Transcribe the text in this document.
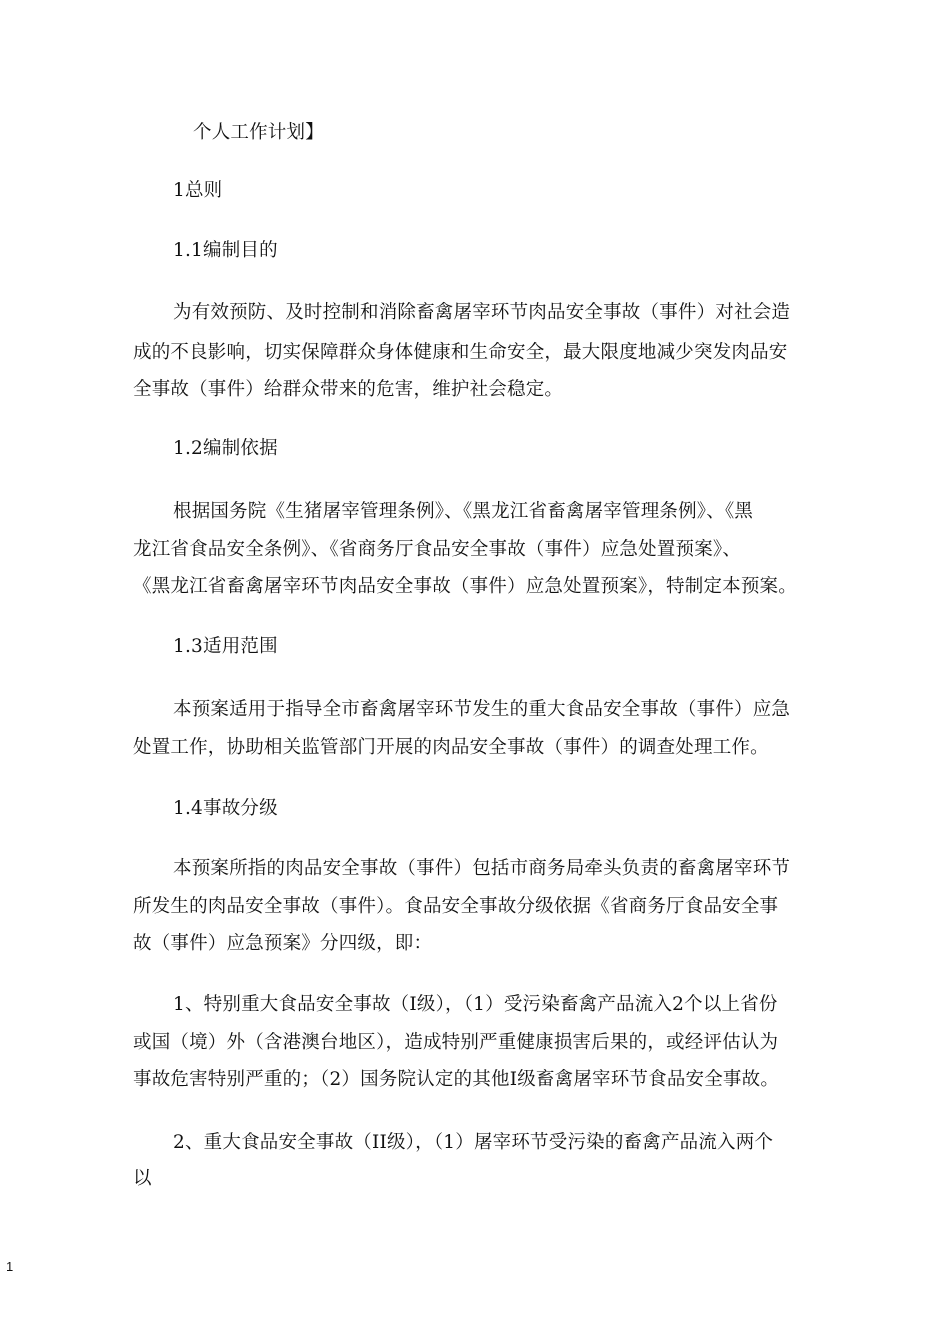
个人工作计划】
1总则
1.1编制目的
为有效预防、及时控制和消除畜禽屠宰环节肉品安全事故（事件）对社会造
成的不良影响，切实保障群众身体健康和生命安全，最大限度地减少突发肉品安
全事故（事件）给群众带来的危害，维护社会稳定。
1.2编制依据
根据国务院《生猪屠宰管理条例》、《黑龙江省畜禽屠宰管理条例》、《黑
龙江省食品安全条例》、《省商务厅食品安全事故（事件）应急处置预案》、
《黑龙江省畜禽屠宰环节肉品安全事故（事件）应急处置预案》，特制定本预案。
1.3适用范围
本预案适用于指导全市畜禽屠宰环节发生的重大食品安全事故（事件）应急
处置工作，协助相关监管部门开展的肉品安全事故（事件）的调查处理工作。
1.4事故分级
本预案所指的肉品安全事故（事件）包括市商务局牵头负责的畜禽屠宰环节
所发生的肉品安全事故（事件）。食品安全事故分级依据《省商务厅食品安全事
故（事件）应急预案》分四级，即：
1、特别重大食品安全事故（I级），（1）受污染畜禽产品流入2个以上省份
或国（境）外（含港澳台地区），造成特别严重健康损害后果的，或经评估认为
事故危害特别严重的；（2）国务院认定的其他I级畜禽屠宰环节食品安全事故。
2、重大食品安全事故（II级），（1）屠宰环节受污染的畜禽产品流入两个
以
1
